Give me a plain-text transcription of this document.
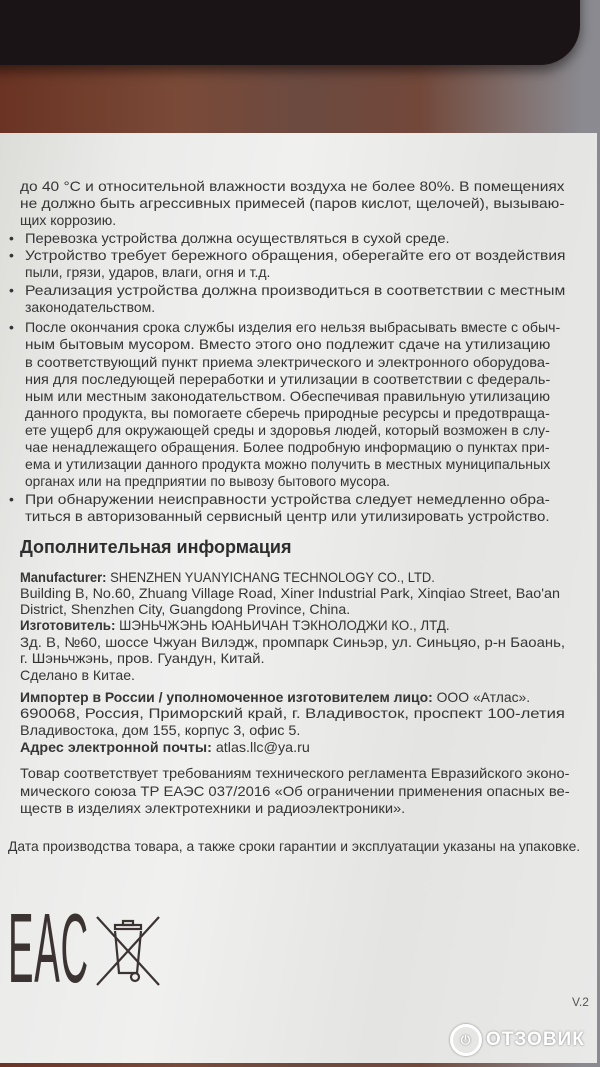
до 40 °С и относительной влажности воздуха не более 80%. В помещениях
не должно быть агрессивных примесей (паров кислот, щелочей), вызываю-
щих коррозию.
• Перевозка устройства должна осуществляться в сухой среде.
• Устройство требует бережного обращения, оберегайте его от воздействия
пыли, грязи, ударов, влаги, огня и т.д.
• Реализация устройства должна производиться в соответствии с местным
законодательством.
• После окончания срока службы изделия его нельзя выбрасывать вместе с обыч-
ным бытовым мусором. Вместо этого оно подлежит сдаче на утилизацию
в соответствующий пункт приема электрического и электронного оборудова-
ния для последующей переработки и утилизации в соответствии с федераль-
ным или местным законодательством. Обеспечивая правильную утилизацию
данного продукта, вы помогаете сберечь природные ресурсы и предотвраща-
ете ущерб для окружающей среды и здоровья людей, который возможен в слу-
чае ненадлежащего обращения. Более подробную информацию о пунктах при-
ема и утилизации данного продукта можно получить в местных муниципальных
органах или на предприятии по вывозу бытового мусора.
• При обнаружении неисправности устройства следует немедленно обра-
титься в авторизованный сервисный центр или утилизировать устройство.
Дополнительная информация
Manufacturer: SHENZHEN YUANYICHANG TECHNOLOGY CO., LTD.
Building B, No.60, Zhuang Village Road, Xiner Industrial Park, Xinqiao Street, Bao'an
District, Shenzhen City, Guangdong Province, China.
Изготовитель: ШЭНЬЧЖЭНЬ ЮАНЬИЧАН ТЭКНОЛОДЖИ КО., ЛТД.
Зд. В, №60, шоссе Чжуан Вилэдж, промпарк Синьэр, ул. Синьцяо, р-н Баоань,
г. Шэньчжэнь, пров. Гуандун, Китай.
Сделано в Китае.
Импортер в России / уполномоченное изготовителем лицо: ООО «Атлас».
690068, Россия, Приморский край, г. Владивосток, проспект 100-летия
Владивостока, дом 155, корпус 3, офис 5.
Адрес электронной почты: atlas.llc@ya.ru
Товар соответствует требованиям технического регламента Евразийского эконо-
мического союза ТР ЕАЭС 037/2016 «Об ограничении применения опасных ве-
ществ в изделиях электротехники и радиоэлектроники».
Дата производства товара, а также сроки гарантии и эксплуатации указаны на упаковке.
EAC	V.2
⏻ ОТЗОВИК
